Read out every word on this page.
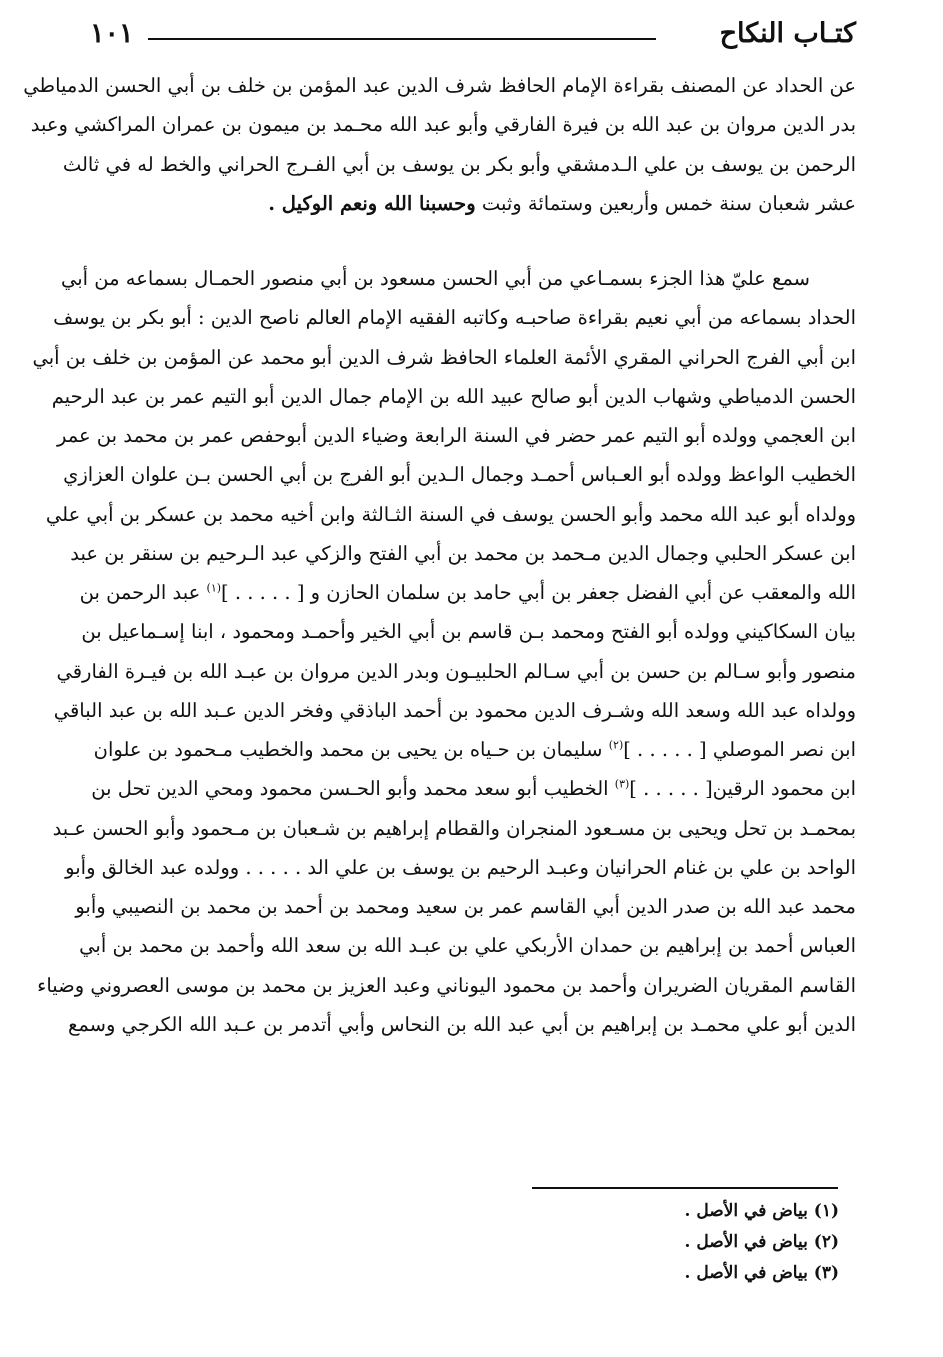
كتـاب النكاح
١٠١
عن الحداد عن المصنف بقراءة الإمام الحافظ شرف الدين عبد المؤمن بن خلف بن أبي الحسن الدمياطي
بدر الدين مروان بن عبد الله بن فيرة الفارقي وأبو عبد الله محـمد بن ميمون بن عمران المراكشي وعبد
الرحمن بن يوسف بن علي الـدمشقي وأبو بكر بن يوسف بن أبي الفـرج الحراني والخط له في ثالث
عشر شعبان سنة خمس وأربعين وستمائة وثبت وحسبنا الله ونعم الوكيل .
سمع عليّ هذا الجزء بسمـاعي من أبي الحسن مسعود بن أبي منصور الحمـال بسماعه من أبي
الحداد بسماعه من أبي نعيم بقراءة صاحبـه وكاتبه الفقيه الإمام العالم ناصح الدين : أبو بكر بن يوسف
ابن أبي الفرج الحراني المقري الأئمة العلماء الحافظ شرف الدين أبو محمد عن المؤمن بن خلف بن أبي
الحسن الدمياطي وشهاب الدين أبو صالح عبيد الله بن الإمام جمال الدين أبو التيم عمر بن عبد الرحيم
ابن العجمي وولده أبو التيم عمر حضر في السنة الرابعة وضياء الدين أبوحفص عمر بن محمد بن عمر
الخطيب الواعظ وولده أبو العـباس أحمـد وجمال الـدين أبو الفرج بن أبي الحسن بـن علوان العزازي
وولداه أبو عبد الله محمد وأبو الحسن يوسف في السنة الثـالثة وابن أخيه محمد بن عسكر بن أبي علي
ابن عسكر الحلبي وجمال الدين مـحمد بن محمد بن أبي الفتح والزكي عبد الـرحيم بن سنقر بن عبد
الله والمعقب عن أبي الفضل جعفر بن أبي حامد بن سلمان الحازن و [ . . . . . ]$^{(١)}$ عبد الرحمن بن
بيان السكاكيني وولده أبو الفتح ومحمد بـن قاسم بن أبي الخير وأحمـد ومحمود ، ابنا إسـماعيل بن
منصور وأبو سـالم بن حسن بن أبي سـالم الحلبيـون وبدر الدين مروان بن عبـد الله بن فيـرة الفارقي
وولداه عبد الله وسعد الله وشـرف الدين محمود بن أحمد الباذقي وفخر الدين عـبد الله بن عبد الباقي
ابن نصر الموصلي [ . . . . . ]$^{(٢)}$ سليمان بن حـياه بن يحيى بن محمد والخطيب مـحمود بن علوان
ابن محمود الرقين[ . . . . . ]$^{(٣)}$ الخطيب أبو سعد محمد وأبو الحـسن محمود ومحي الدين تحل بن
بمحمـد بن تحل ويحيى بن مسـعود المنجران والقطام إبراهيم بن شـعبان بن مـحمود وأبو الحسن عـبد
الواحد بن علي بن غنام الحرانيان وعبـد الرحيم بن يوسف بن علي الد . . . . . وولده عبد الخالق وأبو
محمد عبد الله بن صدر الدين أبي القاسم عمر بن سعيد ومحمد بن أحمد بن محمد بن النصيبي وأبو
العباس أحمد بن إبراهيم بن حمدان الأربكي علي بن عبـد الله بن سعد الله وأحمد بن محمد بن أبي
القاسم المقريان الضريران وأحمد بن محمود اليوناني وعبد العزيز بن محمد بن موسى العصروني وضياء
الدين أبو علي محمـد بن إبراهيم بن أبي عبد الله بن النحاس وأبي أتدمر بن عـبد الله الكرجي وسمع
(١) بياض في الأصل .
(٢) بياض في الأصل .
(٣) بياض في الأصل .
